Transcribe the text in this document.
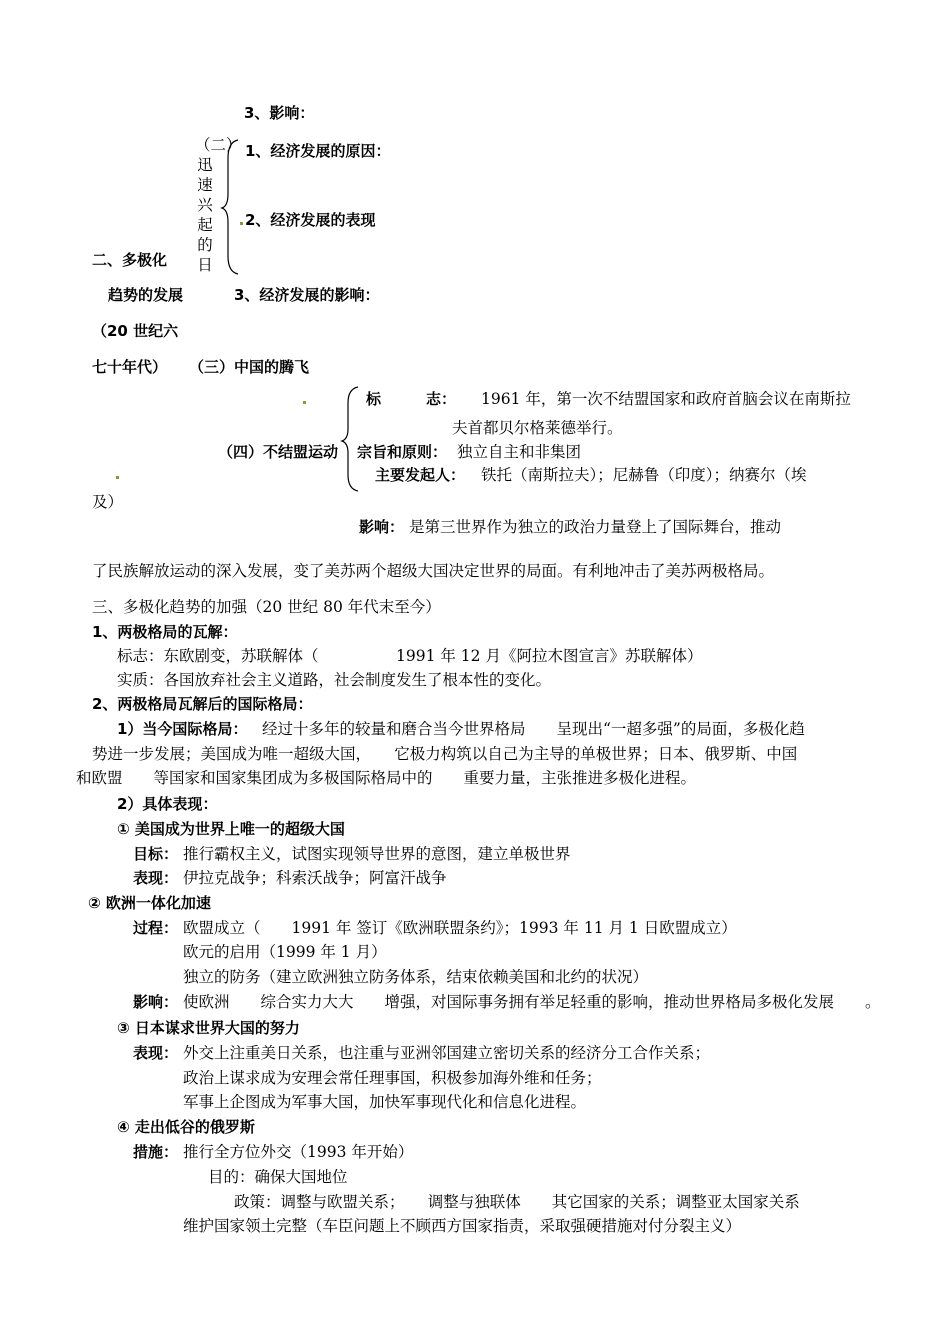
3、影响：
（二）迅速兴起的日
1、经济发展的原因：
2、经济发展的表现
二、多极化
趋势的发展	3、经济发展的影响：
（20 世纪六
七十年代） （三）中国的腾飞
标　　　志： 1961 年，第一次不结盟国家和政府首脑会议在南斯拉
夫首都贝尔格莱德举行。
（四）不结盟运动 宗旨和原则： 独立自主和非集团
主要发起人： 铁托（南斯拉夫）；尼赫鲁（印度）；纳赛尔（埃
及）
影响： 是第三世界作为独立的政治力量登上了国际舞台，推动
了民族解放运动的深入发展，变了美苏两个超级大国决定世界的局面。有利地冲击了美苏两极格局。
三、多极化趋势的加强（20 世纪 80 年代末至今）
1、两极格局的瓦解：
标志：东欧剧变，苏联解体（　　　　　1991 年 12 月《阿拉木图宣言》苏联解体）
实质：各国放弃社会主义道路，社会制度发生了根本性的变化。
2、两极格局瓦解后的国际格局：
1）当今国际格局： 经过十多年的较量和磨合当今世界格局　　呈现出“一超多强”的局面，多极化趋
势进一步发展；美国成为唯一超级大国，　　它极力构筑以自己为主导的单极世界；日本、俄罗斯、中国
和欧盟　　等国家和国家集团成为多极国际格局中的　　重要力量，主张推进多极化进程。
2）具体表现：
① 美国成为世界上唯一的超级大国
目标： 推行霸权主义，试图实现领导世界的意图，建立单极世界
表现： 伊拉克战争；科索沃战争；阿富汗战争
② 欧洲一体化加速
过程： 欧盟成立（　　1991 年 签订《欧洲联盟条约》；1993 年 11 月 1 日欧盟成立）
欧元的启用（1999 年 1 月）
独立的防务（建立欧洲独立防务体系，结束依赖美国和北约的状况）
影响： 使欧洲　　综合实力大大　　增强，对国际事务拥有举足轻重的影响，推动世界格局多极化发展　　。
③ 日本谋求世界大国的努力
表现： 外交上注重美日关系，也注重与亚洲邻国建立密切关系的经济分工合作关系；
政治上谋求成为安理会常任理事国，积极参加海外维和任务；
军事上企图成为军事大国，加快军事现代化和信息化进程。
④ 走出低谷的俄罗斯
措施： 推行全方位外交（1993 年开始）
目的：确保大国地位
政策：调整与欧盟关系；　　调整与独联体　　其它国家的关系；调整亚太国家关系
维护国家领土完整（车臣问题上不顾西方国家指责，采取强硬措施对付分裂主义）
